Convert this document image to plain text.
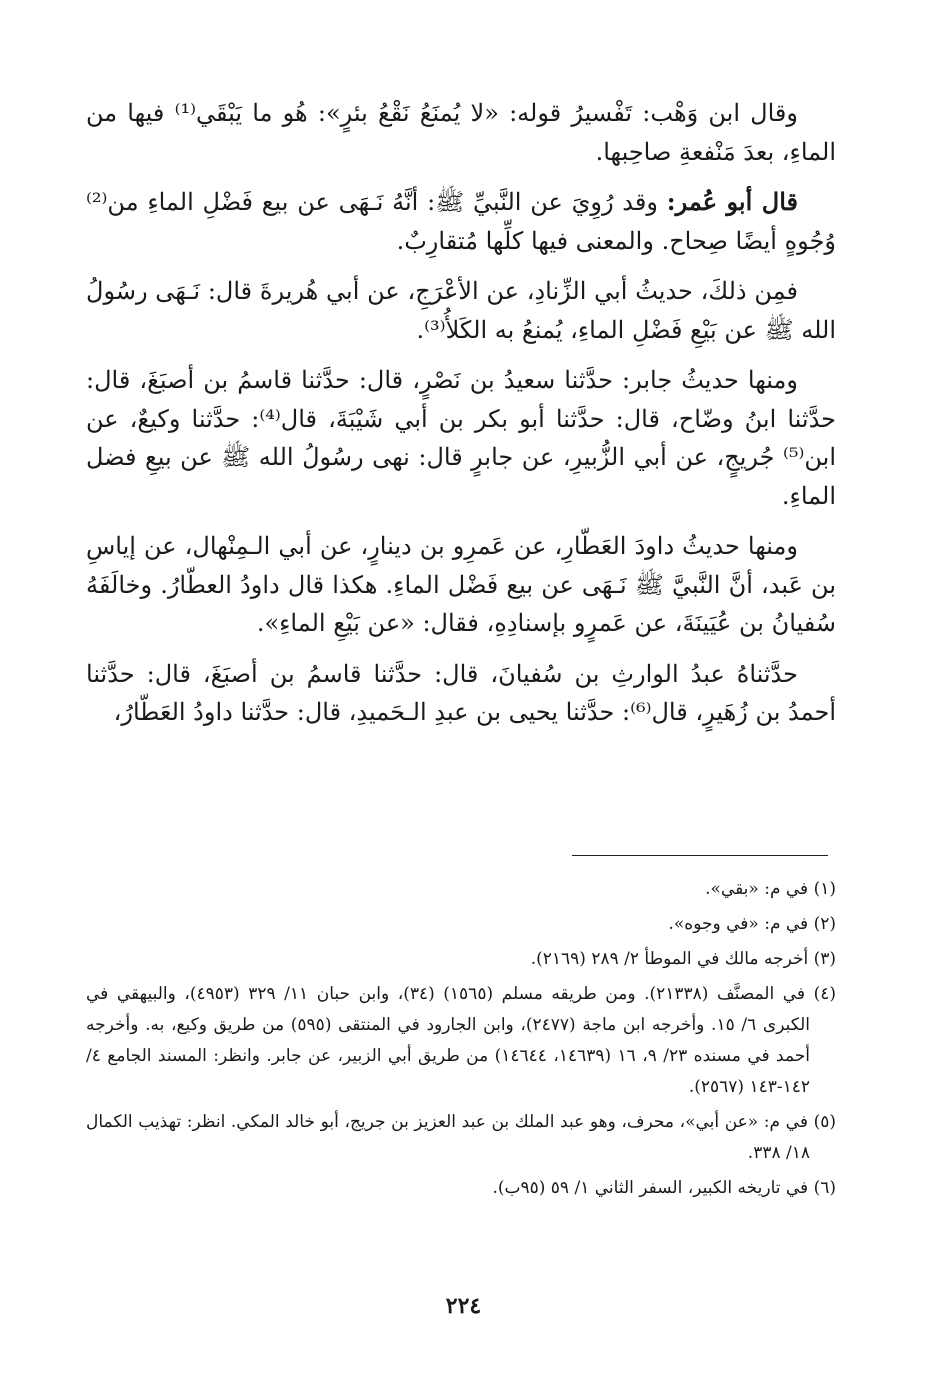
وقال ابن وَهْب: تَفْسيرُ قوله: «لا يُمنَعُ نَقْعُ بئرٍ»: هُو ما يَبْقَي⁽¹⁾ فيها من الماءِ، بعدَ مَنْفعةِ صاحِبها.

قال أبو عُمر: وقد رُوِيَ عن النَّبيِّ ﷺ: أنَّهُ نَـهَى عن بيع فَضْلِ الماءِ من⁽²⁾ وُجُوهٍ أيضًا صِحاح. والمعنى فيها كلِّها مُتقارِبٌ.

فمِن ذلكَ، حديثُ أبي الزِّنادِ، عن الأعْرَجِ، عن أبي هُريرةَ قال: نَـهَى رسُولُ الله ﷺ عن بَيْعِ فَضْلِ الماءِ، يُمنعُ به الكَلأُ⁽³⁾.

ومنها حديثُ جابر: حدَّثنا سعيدُ بن نَصْرٍ، قال: حدَّثنا قاسمُ بن أصبَغَ، قال: حدَّثنا ابنُ وضّاح، قال: حدَّثنا أبو بكر بن أبي شَيْبَةَ، قال⁽⁴⁾: حدَّثنا وكيعٌ، عن ابن⁽⁵⁾ جُريجٍ، عن أبي الزُّبيرِ، عن جابرٍ قال: نهى رسُولُ الله ﷺ عن بيعِ فضل الماءِ.

ومنها حديثُ داودَ العَطّارِ، عن عَمرِو بن دينارٍ، عن أبي الـمِنْهال، عن إياسِ بن عَبد، أنَّ النَّبيَّ ﷺ نَـهَى عن بيع فَضْل الماءِ. هكذا قال داودُ العطّارُ. وخالَفَهُ سُفيانُ بن عُيَينَةَ، عن عَمرٍو بإسنادِهِ، فقال: «عن بَيْعِ الماءِ».

حدَّثناهُ عبدُ الوارثِ بن سُفيانَ، قال: حدَّثنا قاسمُ بن أصبَغَ، قال: حدَّثنا أحمدُ بن زُهَيرٍ، قال⁽⁶⁾: حدَّثنا يحيى بن عبدِ الـحَميدِ، قال: حدَّثنا داودُ العَطّارُ،

(١) في م: «بقي».

(٢) في م: «في وجوه».

(٣) أخرجه مالك في الموطأ ٢/ ٢٨٩ (٢١٦٩).

(٤) في المصنَّف (٢١٣٣٨). ومن طريقه مسلم (١٥٦٥) (٣٤)، وابن حبان ١١/ ٣٢٩ (٤٩٥٣)، والبيهقي في الكبرى ٦/ ١٥. وأخرجه ابن ماجة (٢٤٧٧)، وابن الجارود في المنتقى (٥٩٥) من طريق وكيع، به. وأخرجه أحمد في مسنده ٢٣/ ٩، ١٦ (١٤٦٣٩، ١٤٦٤٤) من طريق أبي الزبير، عن جابر. وانظر: المسند الجامع ٤/ ١٤٢-١٤٣ (٢٥٦٧).

(٥) في م: «عن أبي»، محرف، وهو عبد الملك بن عبد العزيز بن جريج، أبو خالد المكي. انظر: تهذيب الكمال ١٨/ ٣٣٨.

(٦) في تاريخه الكبير، السفر الثاني ١/ ٥٩ (٩٥ب).

٢٢٤
